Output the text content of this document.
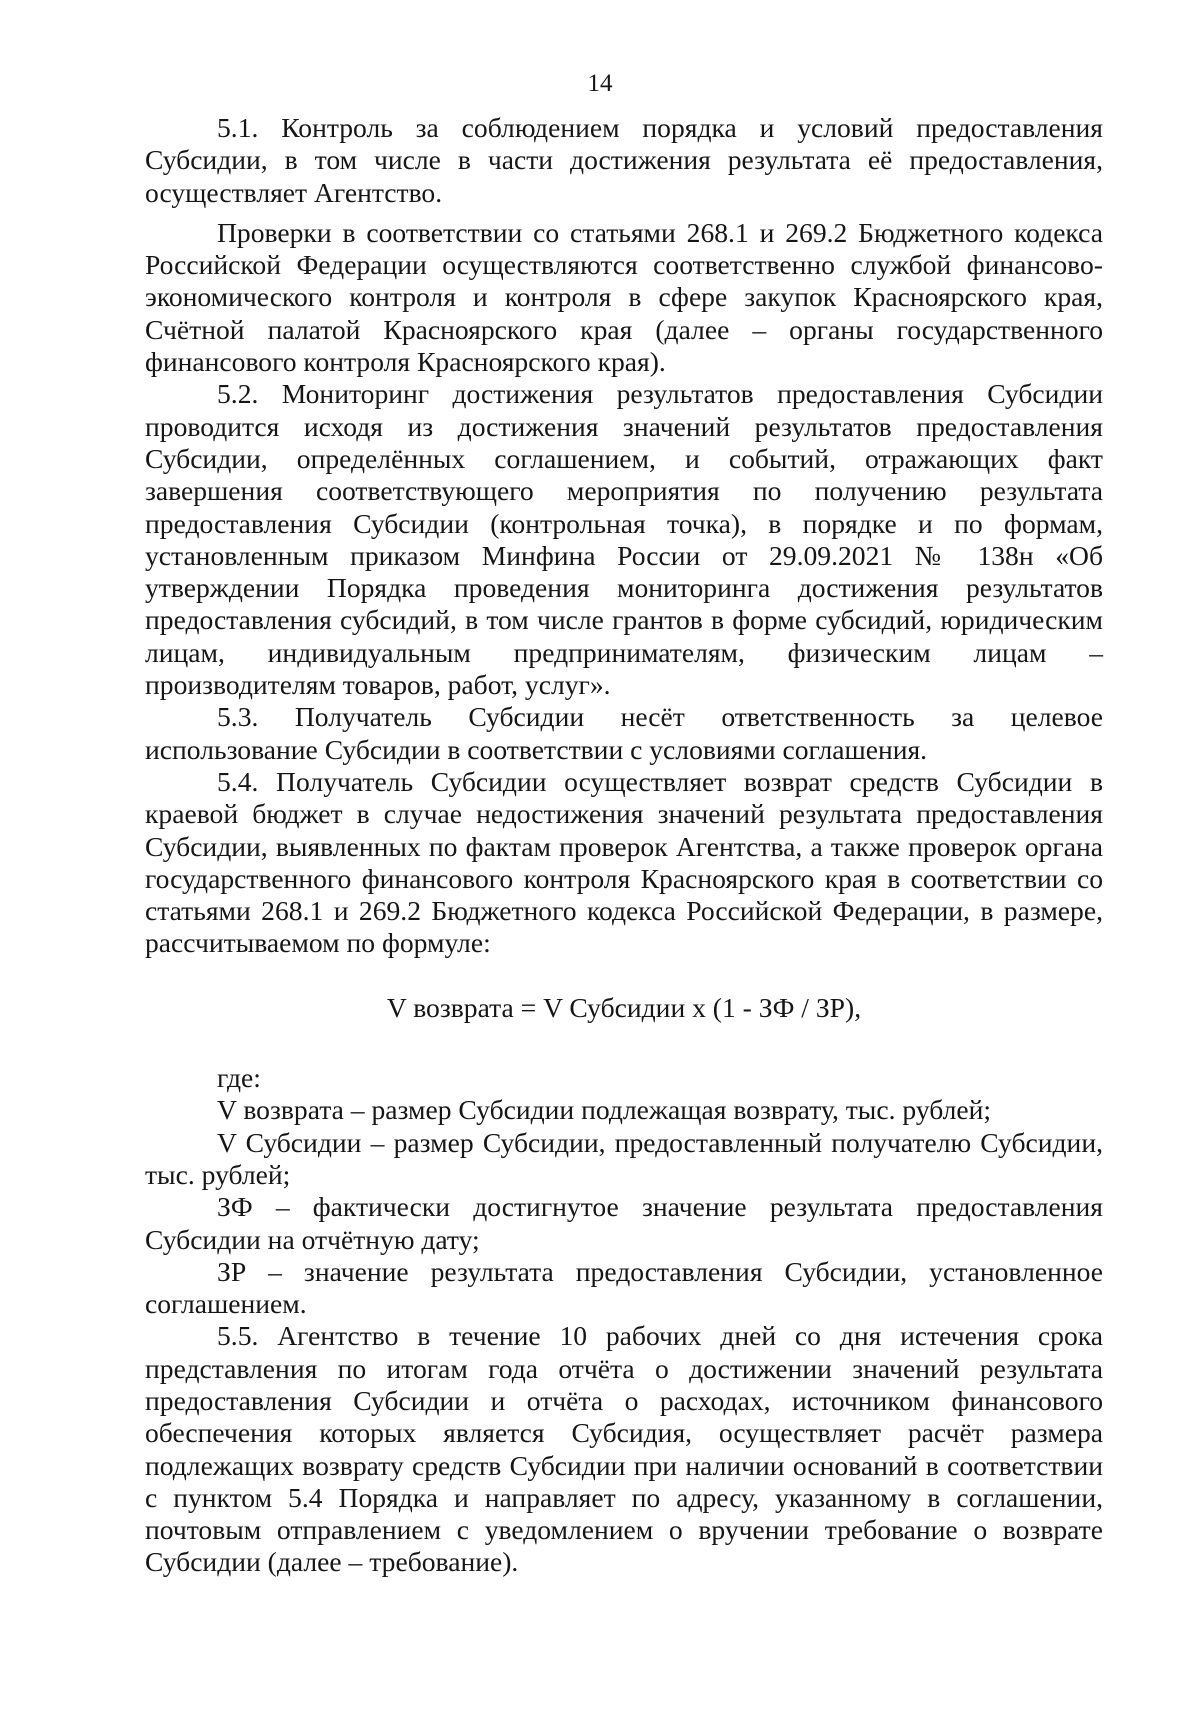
14

5.1. Контроль за соблюдением порядка и условий предоставления Субсидии, в том числе в части достижения результата её предоставления, осуществляет Агентство.

Проверки в соответствии со статьями 268.1 и 269.2 Бюджетного кодекса Российской Федерации осуществляются соответственно службой финансово-экономического контроля и контроля в сфере закупок Красноярского края, Счётной палатой Красноярского края (далее – органы государственного финансового контроля Красноярского края).

5.2. Мониторинг достижения результатов предоставления Субсидии проводится исходя из достижения значений результатов предоставления Субсидии, определённых соглашением, и событий, отражающих факт завершения соответствующего мероприятия по получению результата предоставления Субсидии (контрольная точка), в порядке и по формам, установленным приказом Минфина России от 29.09.2021 № 138н «Об утверждении Порядка проведения мониторинга достижения результатов предоставления субсидий, в том числе грантов в форме субсидий, юридическим лицам, индивидуальным предпринимателям, физическим лицам – производителям товаров, работ, услуг».

5.3. Получатель Субсидии несёт ответственность за целевое использование Субсидии в соответствии с условиями соглашения.

5.4. Получатель Субсидии осуществляет возврат средств Субсидии в краевой бюджет в случае недостижения значений результата предоставления Субсидии, выявленных по фактам проверок Агентства, а также проверок органа государственного финансового контроля Красноярского края в соответствии со статьями 268.1 и 269.2 Бюджетного кодекса Российской Федерации, в размере, рассчитываемом по формуле:

V возврата = V Субсидии x (1 - ЗФ / ЗР),

где:

V возврата – размер Субсидии подлежащая возврату, тыс. рублей;

V Субсидии – размер Субсидии, предоставленный получателю Субсидии, тыс. рублей;

ЗФ – фактически достигнутое значение результата предоставления Субсидии на отчётную дату;

ЗР – значение результата предоставления Субсидии, установленное соглашением.

5.5. Агентство в течение 10 рабочих дней со дня истечения срока представления по итогам года отчёта о достижении значений результата предоставления Субсидии и отчёта о расходах, источником финансового обеспечения которых является Субсидия, осуществляет расчёт размера подлежащих возврату средств Субсидии при наличии оснований в соответствии с пунктом 5.4 Порядка и направляет по адресу, указанному в соглашении, почтовым отправлением с уведомлением о вручении требование о возврате Субсидии (далее – требование).
